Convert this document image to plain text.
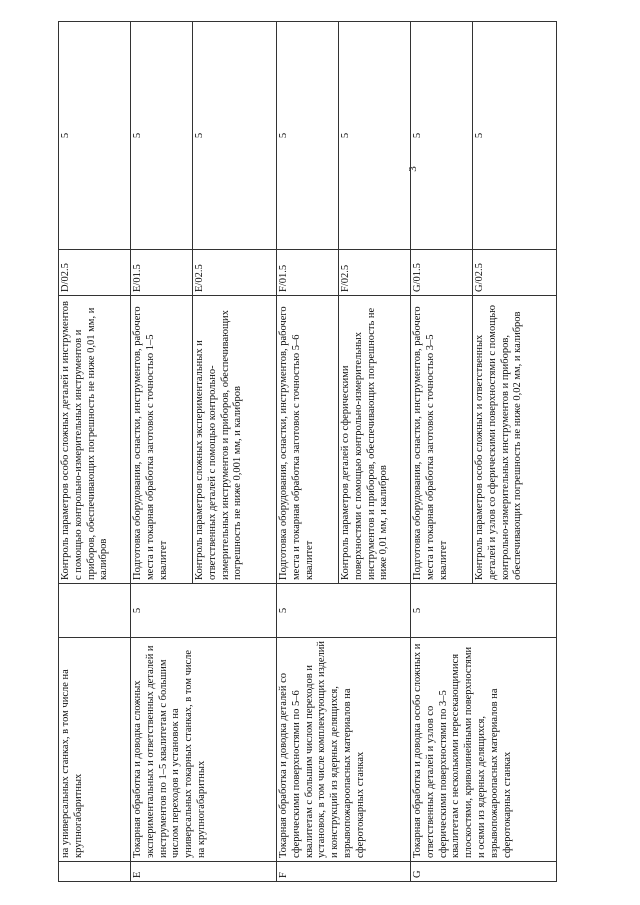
3
	на универсальных станках, в том числе на крупногабаритных		Контроль параметров особо сложных деталей и инструментов с помощью контрольно-измерительных инструментов и приборов, обеспечивающих погрешность не ниже 0,01 мм, и калибров	D/02.5	5
E	Токарная обработка и доводка сложных экспериментальных и ответственных деталей и инструментов по 1–5 квалитетам с большим числом переходов и установок на универсальных токарных станках, в том числе на крупногабаритных	5	Подготовка оборудования, оснастки, инструментов, рабочего места и токарная обработка заготовок с точностью 1–5 квалитет	E/01.5	5
			Контроль параметров сложных экспериментальных и ответственных деталей с помощью контрольно-измерительных инструментов и приборов, обеспечивающих погрешность не ниже 0,001 мм, и калибров	E/02.5	5
F	Токарная обработка и доводка деталей со сферическими поверхностями по 5–6 квалитетам с большим числом переходов и установок, в том числе комплектующих изделий и конструкций из ядерных делящихся, взрывопожароопасных материалов на сферотокарных станках	5	Подготовка оборудования, оснастки, инструментов, рабочего места и токарная обработка заготовок с точностью 5–6 квалитет	F/01.5	5
			Контроль параметров деталей со сферическими поверхностями с помощью контрольно-измерительных инструментов и приборов, обеспечивающих погрешность не ниже 0,01 мм, и калибров	F/02.5	5
G	Токарная обработка и доводка особо сложных и ответственных деталей и узлов со сферическими поверхностями по 3–5 квалитетам с несколькими пересекающимися плоскостями, криволинейными поверхностями и осями из ядерных делящихся, взрывопожароопасных материалов на сферотокарных станках	5	Подготовка оборудования, оснастки, инструментов, рабочего места и токарная обработка заготовок с точностью 3–5 квалитет	G/01.5	5
			Контроль параметров особо сложных и ответственных деталей и узлов со сферическими поверхностями с помощью контрольно-измерительных инструментов и приборов, обеспечивающих погрешность не ниже 0,02 мм, и калибров	G/02.5	5
